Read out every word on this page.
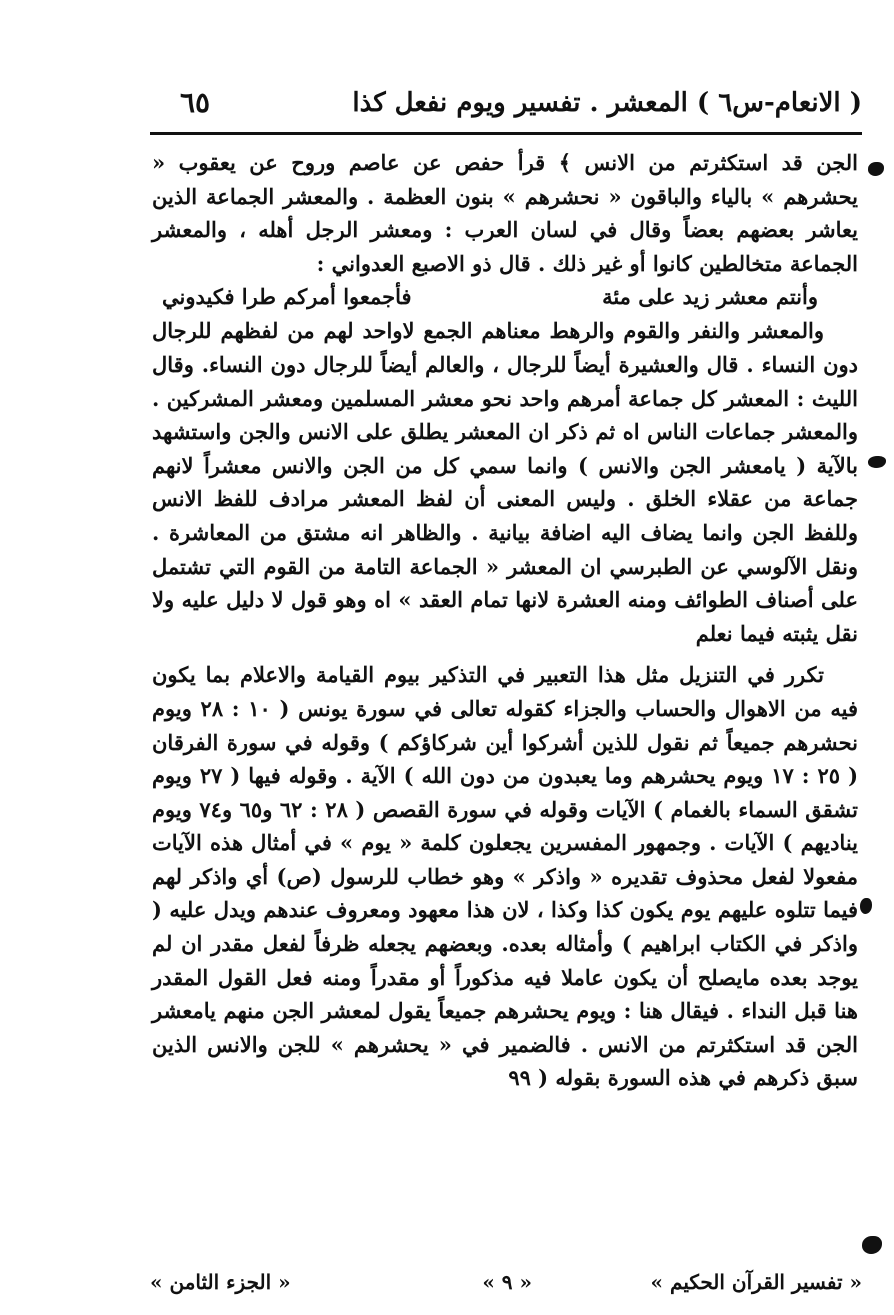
( الانعام-س٦ ) المعشر . تفسير ويوم نفعل كذا
٦٥

الجن قد استكثرتم من الانس ﴾ قرأ حفص عن عاصم وروح عن يعقوب « يحشرهم » بالياء والباقون « نحشرهم » بنون العظمة . والمعشر الجماعة الذين يعاشر بعضهم بعضاً وقال في لسان العرب : ومعشر الرجل أهله ، والمعشر الجماعة متخالطين كانوا أو غير ذلك . قال ذو الاصبع العدواني :

وأنتم معشر زيد على مئة
فأجمعوا أمركم طرا فكيدوني

والمعشر والنفر والقوم والرهط معناهم الجمع لاواحد لهم من لفظهم للرجال دون النساء . قال والعشيرة أيضاً للرجال ، والعالم أيضاً للرجال دون النساء. وقال الليث : المعشر كل جماعة أمرهم واحد نحو معشر المسلمين ومعشر المشركين . والمعشر جماعات الناس اه ثم ذكر ان المعشر يطلق على الانس والجن واستشهد بالآية ( يامعشر الجن والانس ) وانما سمي كل من الجن والانس معشراً لانهم جماعة من عقلاء الخلق . وليس المعنى أن لفظ المعشر مرادف للفظ الانس وللفظ الجن وانما يضاف اليه اضافة بيانية . والظاهر انه مشتق من المعاشرة . ونقل الآلوسي عن الطبرسي ان المعشر « الجماعة التامة من القوم التي تشتمل على أصناف الطوائف ومنه العشرة لانها تمام العقد » اه وهو قول لا دليل عليه ولا نقل يثبته فيما نعلم

تكرر في التنزيل مثل هذا التعبير في التذكير بيوم القيامة والاعلام بما يكون فيه من الاهوال والحساب والجزاء كقوله تعالى في سورة يونس ( ١٠ : ٢٨ ويوم نحشرهم جميعاً ثم نقول للذين أشركوا أين شركاؤكم ) وقوله في سورة الفرقان ( ٢٥ : ١٧ ويوم يحشرهم وما يعبدون من دون الله ) الآية . وقوله فيها ( ٢٧ ويوم تشقق السماء بالغمام ) الآيات وقوله في سورة القصص ( ٢٨ : ٦٢ و٦٥ و٧٤ ويوم يناديهم ) الآيات . وجمهور المفسرين يجعلون كلمة « يوم » في أمثال هذه الآيات مفعولا لفعل محذوف تقديره « واذكر » وهو خطاب للرسول (ص) أي واذكر لهم فيما تتلوه عليهم يوم يكون كذا وكذا ، لان هذا معهود ومعروف عندهم ويدل عليه ( واذكر في الكتاب ابراهيم ) وأمثاله بعده. وبعضهم يجعله ظرفاً لفعل مقدر ان لم يوجد بعده مايصلح أن يكون عاملا فيه مذكوراً أو مقدراً ومنه فعل القول المقدر هنا قبل النداء . فيقال هنا : ويوم يحشرهم جميعاً يقول لمعشر الجن منهم يامعشر الجن قد استكثرتم من الانس . فالضمير في « يحشرهم » للجن والانس الذين سبق ذكرهم في هذه السورة بقوله ( ٩٩

« تفسير القرآن الحكيم »
« ٩ »
« الجزء الثامن »
